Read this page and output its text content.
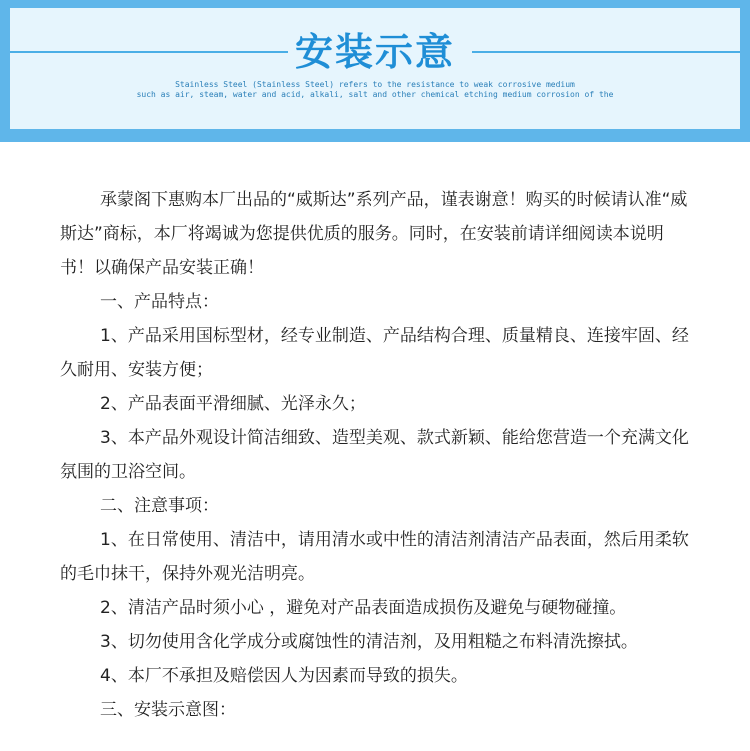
安装示意
Stainless Steel (Stainless Steel) refers to the resistance to weak corrosive medium
such as air, steam, water and acid, alkali, salt and other chemical etching medium corrosion of the

承蒙阁下惠购本厂出品的“威斯达”系列产品，谨表谢意！购买的时候请认准“威斯达”商标，本厂将竭诚为您提供优质的服务。同时，在安装前请详细阅读本说明书！以确保产品安装正确！

一、产品特点：

1、产品采用国标型材，经专业制造、产品结构合理、质量精良、连接牢固、经久耐用、安装方便；

2、产品表面平滑细腻、光泽永久；

3、本产品外观设计简洁细致、造型美观、款式新颖、能给您营造一个充满文化氛围的卫浴空间。

二、注意事项：

1、在日常使用、清洁中，请用清水或中性的清洁剂清洁产品表面，然后用柔软的毛巾抹干，保持外观光洁明亮。

2、清洁产品时须小心 ，避免对产品表面造成损伤及避免与硬物碰撞。

3、切勿使用含化学成分或腐蚀性的清洁剂，及用粗糙之布料清洗擦拭。

4、本厂不承担及赔偿因人为因素而导致的损失。

三、安装示意图：
